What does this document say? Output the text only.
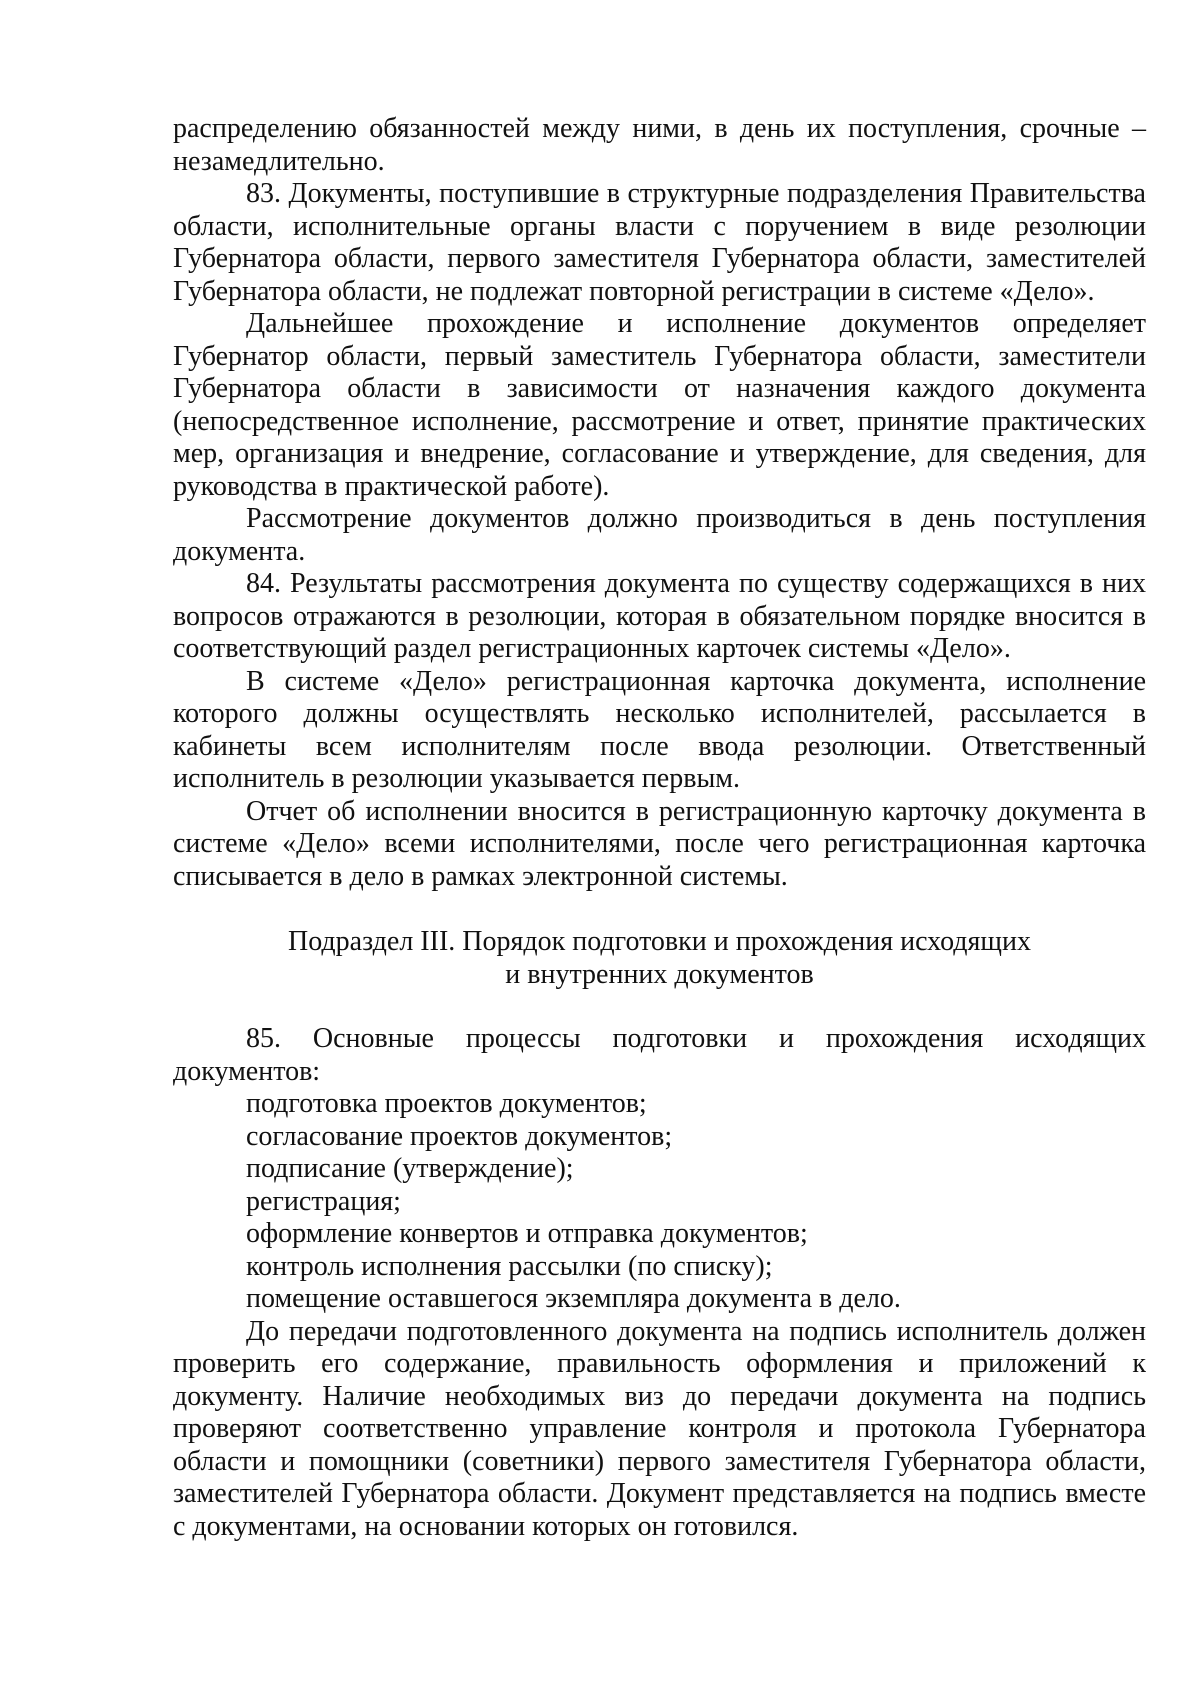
распределению обязанностей между ними, в день их поступления, срочные – незамедлительно.

83. Документы, поступившие в структурные подразделения Правительства области, исполнительные органы власти с поручением в виде резолюции Губернатора области, первого заместителя Губернатора области, заместителей Губернатора области, не подлежат повторной регистрации в системе «Дело».

Дальнейшее прохождение и исполнение документов определяет Губернатор области, первый заместитель Губернатора области, заместители Губернатора области в зависимости от назначения каждого документа (непосредственное исполнение, рассмотрение и ответ, принятие практических мер, организация и внедрение, согласование и утверждение, для сведения, для руководства в практической работе).

Рассмотрение документов должно производиться в день поступления документа.

84. Результаты рассмотрения документа по существу содержащихся в них вопросов отражаются в резолюции, которая в обязательном порядке вносится в соответствующий раздел регистрационных карточек системы «Дело».

В системе «Дело» регистрационная карточка документа, исполнение которого должны осуществлять несколько исполнителей, рассылается в кабинеты всем исполнителям после ввода резолюции. Ответственный исполнитель в резолюции указывается первым.

Отчет об исполнении вносится в регистрационную карточку документа в системе «Дело» всеми исполнителями, после чего регистрационная карточка списывается в дело в рамках электронной системы.

Подраздел III. Порядок подготовки и прохождения исходящих
и внутренних документов

85. Основные процессы подготовки и прохождения исходящих документов:

подготовка проектов документов;

согласование проектов документов;

подписание (утверждение);

регистрация;

оформление конвертов и отправка документов;

контроль исполнения рассылки (по списку);

помещение оставшегося экземпляра документа в дело.

До передачи подготовленного документа на подпись исполнитель должен проверить его содержание, правильность оформления и приложений к документу. Наличие необходимых виз до передачи документа на подпись проверяют соответственно управление контроля и протокола Губернатора области и помощники (советники) первого заместителя Губернатора области, заместителей Губернатора области. Документ представляется на подпись вместе с документами, на основании которых он готовился.
